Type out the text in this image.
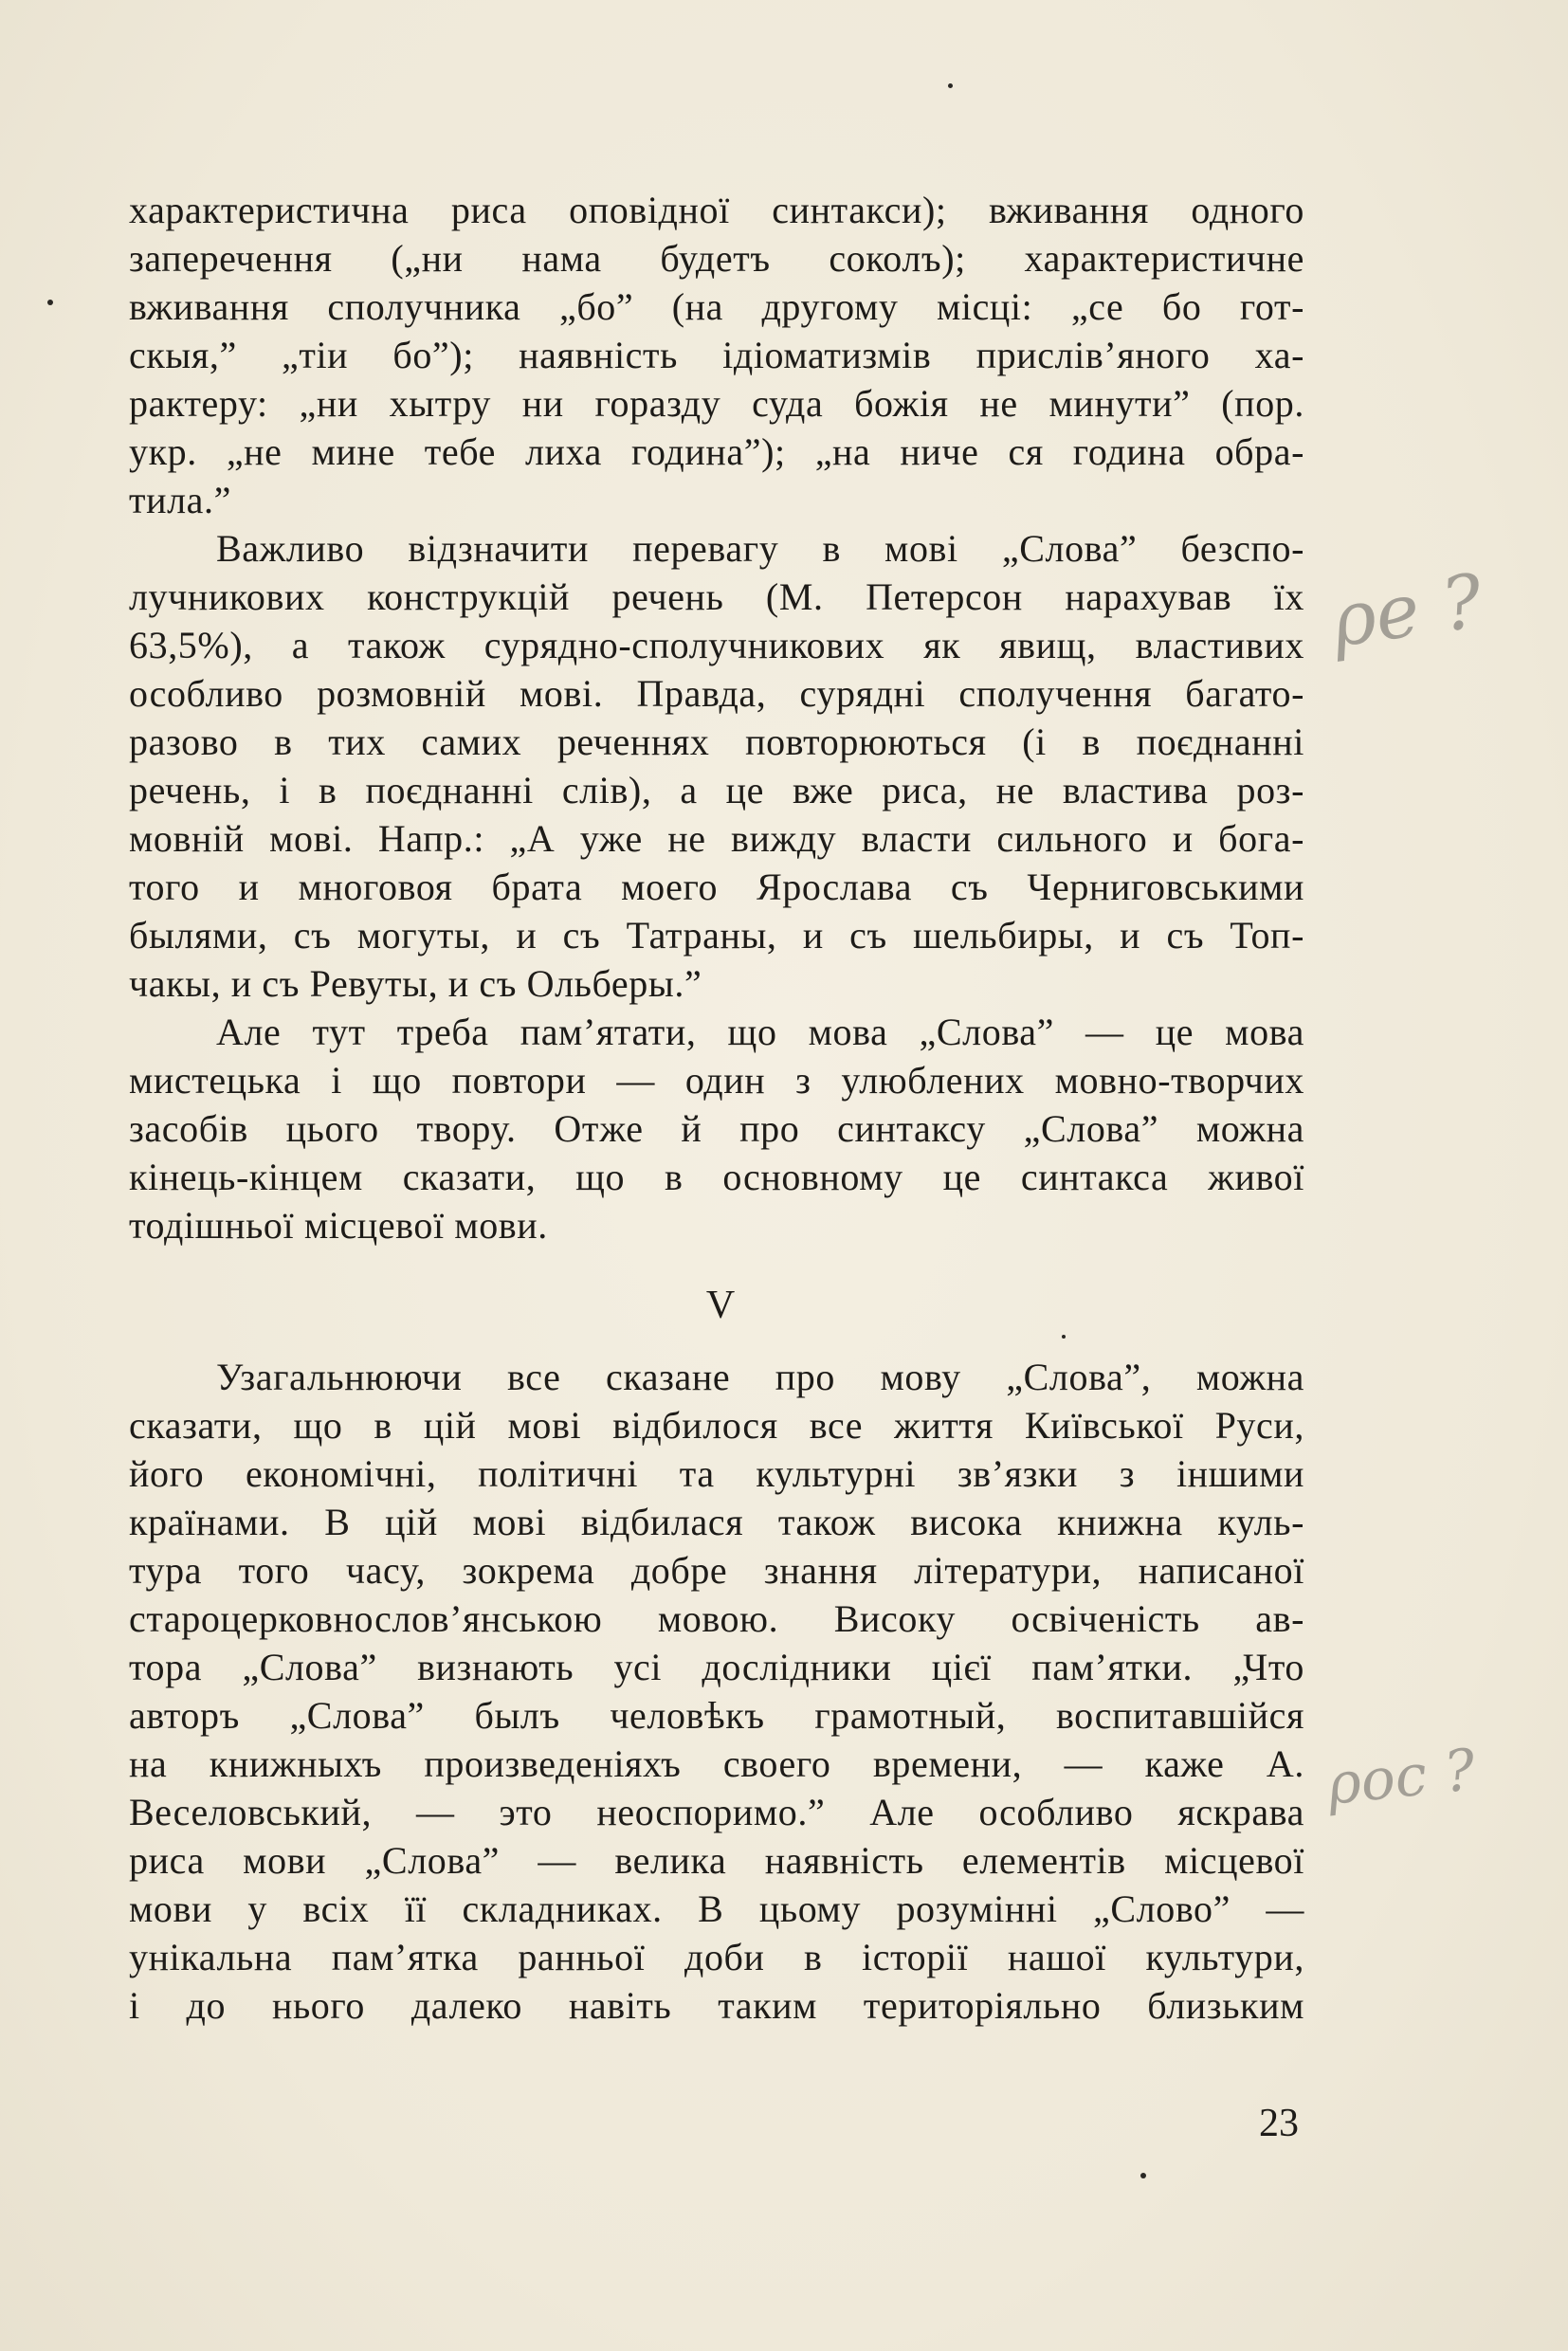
характеристична риса оповідної синтакси); вживання одного
заперечення („ни нама будетъ соколъ); характеристичне
вживання сполучника „бо” (на другому місці: „се бо гот-
скыя,” „тіи бо”); наявність ідіоматизмів прислів’яного ха-
рактеру: „ни хытру ни горазду суда божія не минути” (пор.
укр. „не мине тебе лиха година”); „на ниче ся година обра-
тила.”
Важливо відзначити перевагу в мові „Слова” безспо-
лучникових конструкцій речень (М. Петерсон нарахував їх
63,5%), а також сурядно-сполучникових як явищ, властивих
особливо розмовній мові. Правда, сурядні сполучення багато-
разово в тих самих реченнях повторюються (і в поєднанні
речень, і в поєднанні слів), а це вже риса, не властива роз-
мовній мові. Напр.: „А уже не вижду власти сильного и бога-
того и многовоя брата моего Ярослава съ Черниговськими
былями, съ могуты, и съ Татраны, и съ шельбиры, и съ Топ-
чакы, и съ Ревуты, и съ Ольберы.”
Але тут треба пам’ятати, що мова „Слова” — це мова
мистецька і що повтори — один з улюблених мовно-творчих
засобів цього твору. Отже й про синтаксу „Слова” можна
кінець-кінцем сказати, що в основному це синтакса живої
тодішньої місцевої мови.
V
Узагальнюючи все сказане про мову „Слова”, можна
сказати, що в цій мові відбилося все життя Київської Руси,
його економічні, політичні та культурні зв’язки з іншими
країнами. В цій мові відбилася також висока книжна куль-
тура того часу, зокрема добре знання літератури, написаної
староцерковнослов’янською мовою. Високу освіченість ав-
тора „Слова” визнають усі дослідники цієї пам’ятки. „Что
авторъ „Слова” былъ человѣкъ грамотный, воспитавшійся
на книжныхъ произведеніяхъ своего времени, — каже А.
Веселовський, — это неоспоримо.” Але особливо яскрава
риса мови „Слова” — велика наявність елементів місцевої
мови у всіх її складниках. В цьому розумінні „Слово” —
унікальна пам’ятка ранньої доби в історії нашої культури,
і до нього далеко навіть таким територіяльно близьким
23
ρe ?
ρос ?
